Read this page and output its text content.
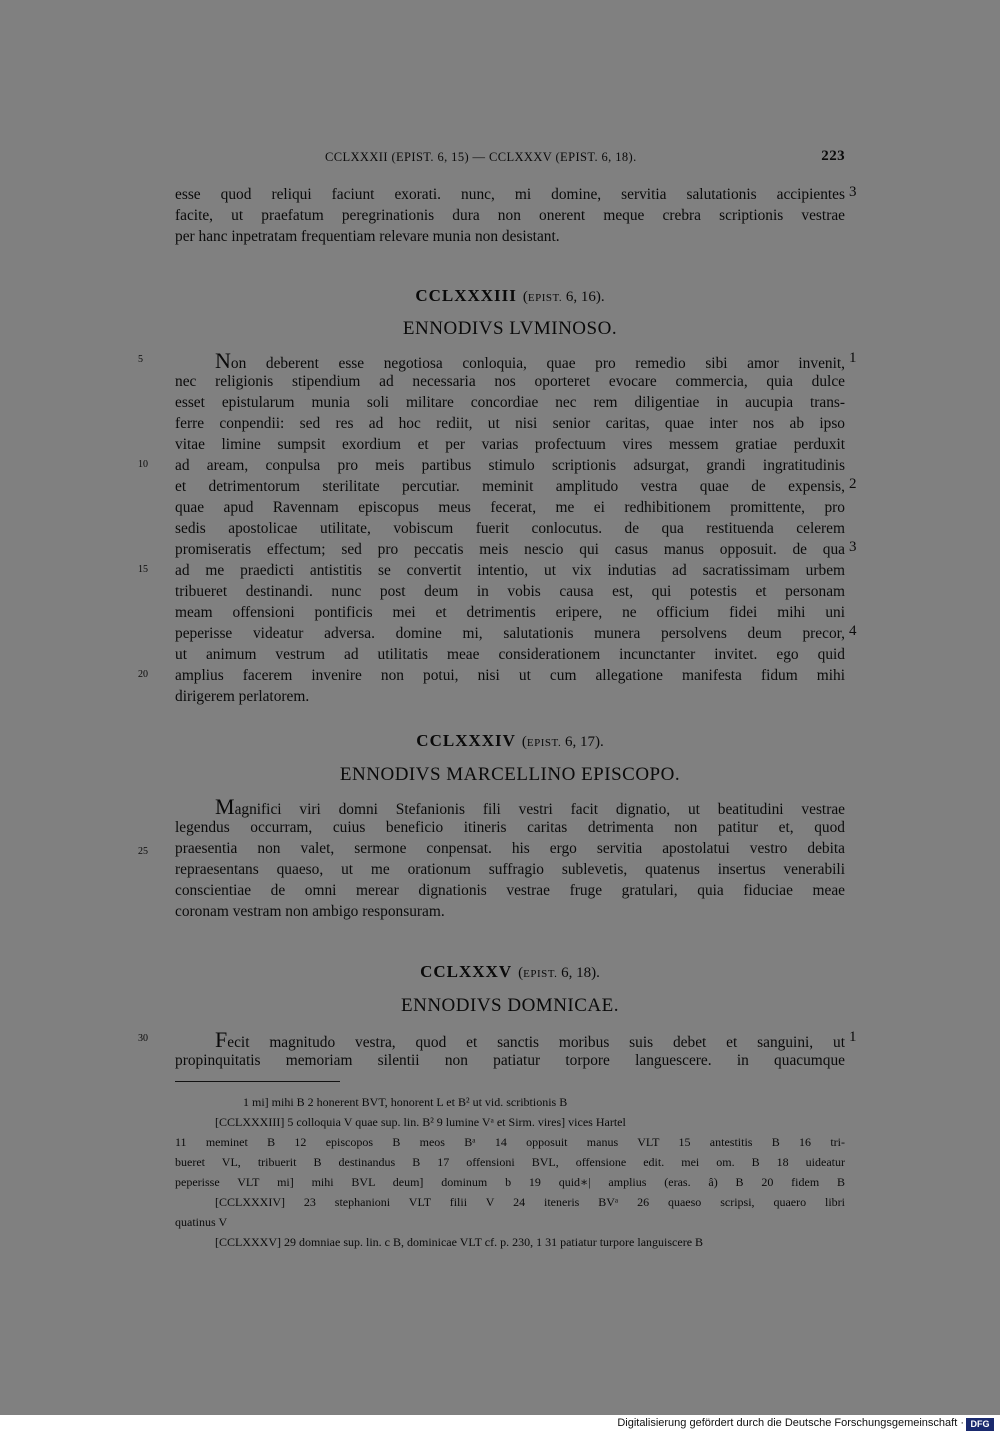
CCLXXXII (EPIST. 6, 15) — CCLXXXV (EPIST. 6, 18).	223
esse quod reliqui faciunt exorati. nunc, mi domine, servitia salutationis accipientes
facite, ut praefatum peregrinationis dura non onerent meque crebra scriptionis vestrae
per hanc inpetratam frequentiam relevare munia non desistant.
3
CCLXXXIII (EPIST. 6, 16).
ENNODIVS LVMINOSO.
Non deberent esse negotiosa conloquia, quae pro remedio sibi amor invenit,
nec religionis stipendium ad necessaria nos oporteret evocare commercia, quia dulce
esset epistularum munia soli militare concordiae nec rem diligentiae in aucupia trans-
ferre conpendii: sed res ad hoc rediit, ut nisi senior caritas, quae inter nos ab ipso
vitae limine sumpsit exordium et per varias profectuum vires messem gratiae perduxit
ad aream, conpulsa pro meis partibus stimulo scriptionis adsurgat, grandi ingratitudinis
et detrimentorum sterilitate percutiar. meminit amplitudo vestra quae de expensis,
quae apud Ravennam episcopus meus fecerat, me ei redhibitionem promittente, pro
sedis apostolicae utilitate, vobiscum fuerit conlocutus. de qua restituenda celerem
promiseratis effectum; sed pro peccatis meis nescio qui casus manus opposuit. de qua
ad me praedicti antistitis se convertit intentio, ut vix indutias ad sacratissimam urbem
tribueret destinandi. nunc post deum in vobis causa est, qui potestis et personam
meam offensioni pontificis mei et detrimentis eripere, ne officium fidei mihi uni
peperisse videatur adversa. domine mi, salutationis munera persolvens deum precor,
ut animum vestrum ad utilitatis meae considerationem incunctanter invitet. ego quid
amplius facerem invenire non potui, nisi ut cum allegatione manifesta fidum mihi
dirigerem perlatorem.
5
10
15
20
1
2
3
4
CCLXXXIV (EPIST. 6, 17).
ENNODIVS MARCELLINO EPISCOPO.
Magnifici viri domni Stefanionis fili vestri facit dignatio, ut beatitudini vestrae
legendus occurram, cuius beneficio itineris caritas detrimenta non patitur et, quod
praesentia non valet, sermone conpensat. his ergo servitia apostolatui vestro debita
repraesentans quaeso, ut me orationum suffragio sublevetis, quatenus insertus venerabili
conscientiae de omni merear dignationis vestrae fruge gratulari, quia fiduciae meae
coronam vestram non ambigo responsuram.
25
CCLXXXV (EPIST. 6, 18).
ENNODIVS DOMNICAE.
Fecit magnitudo vestra, quod et sanctis moribus suis debet et sanguini, ut
propinquitatis memoriam silentii non patiatur torpore languescere. in quacumque
30	1
1 mi] mihi B 2 honerent BVT, honorent L et B² ut vid. scribtionis B
[CCLXXXIII] 5 colloquia V quae sup. lin. B² 9 lumine Vᵃ et Sirm. vires] vices Hartel
11 meminet B 12 episcopos B meos Bᵃ 14 opposuit manus VLT 15 antestitis B 16 tri-
bueret VL, tribuerit B destinandus B 17 offensioni BVL, offensione edit. mei om. B 18 uideatur
peperisse VLT mi] mihi BVL deum] dominum b 19 quid∗| amplius (eras. â) B 20 fidem B
[CCLXXXIV] 23 stephanioni VLT filii V 24 iteneris BVᵃ 26 quaeso scripsi, quaero libri
quatinus V
[CCLXXXV] 29 domniae sup. lin. c B, dominicae VLT cf. p. 230, 1 31 patiatur turpore languiscere B
Digitalisierung gefördert durch die Deutsche Forschungsgemeinschaft · DFG
